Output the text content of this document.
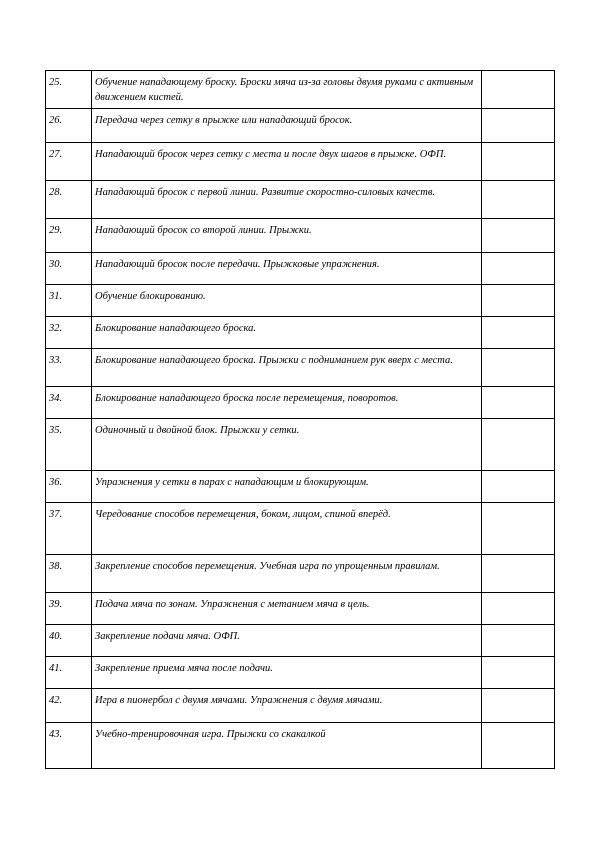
25.	Обучение нападающему броску. Броски мяча из-за головы двумя руками с активным движением кистей.	
26.	Передача через сетку в прыжке или нападающий бросок.	
27.	Нападающий бросок через сетку с места и после двух шагов в прыжке. ОФП.	
28.	Нападающий бросок с первой линии. Развитие скоростно-силовых качеств.	
29.	Нападающий бросок со второй линии. Прыжки.	
30.	Нападающий бросок после передачи. Прыжковые упражнения.	
31.	Обучение блокированию.	
32.	Блокирование нападающего броска.	
33.	Блокирование нападающего броска. Прыжки с подниманием рук вверх с места.	
34.	Блокирование нападающего броска после перемещения, поворотов.	
35.	Одиночный и двойной блок. Прыжки у сетки.	
36.	Упражнения у сетки в парах с нападающим и блокирующим.	
37.	Чередование способов перемещения, боком, лицом, спиной вперёд.	
38.	Закрепление способов перемещения. Учебная игра по упрощенным правилам.	
39.	Подача мяча по зонам. Упражнения с метанием мяча в цель.	
40.	Закрепление подачи мяча. ОФП.	
41.	Закрепление приема мяча после подачи.	
42.	Игра в пионербол с двумя мячами. Упражнения с двумя мячами.	
43.	Учебно-тренировочная игра. Прыжки со скакалкой	
